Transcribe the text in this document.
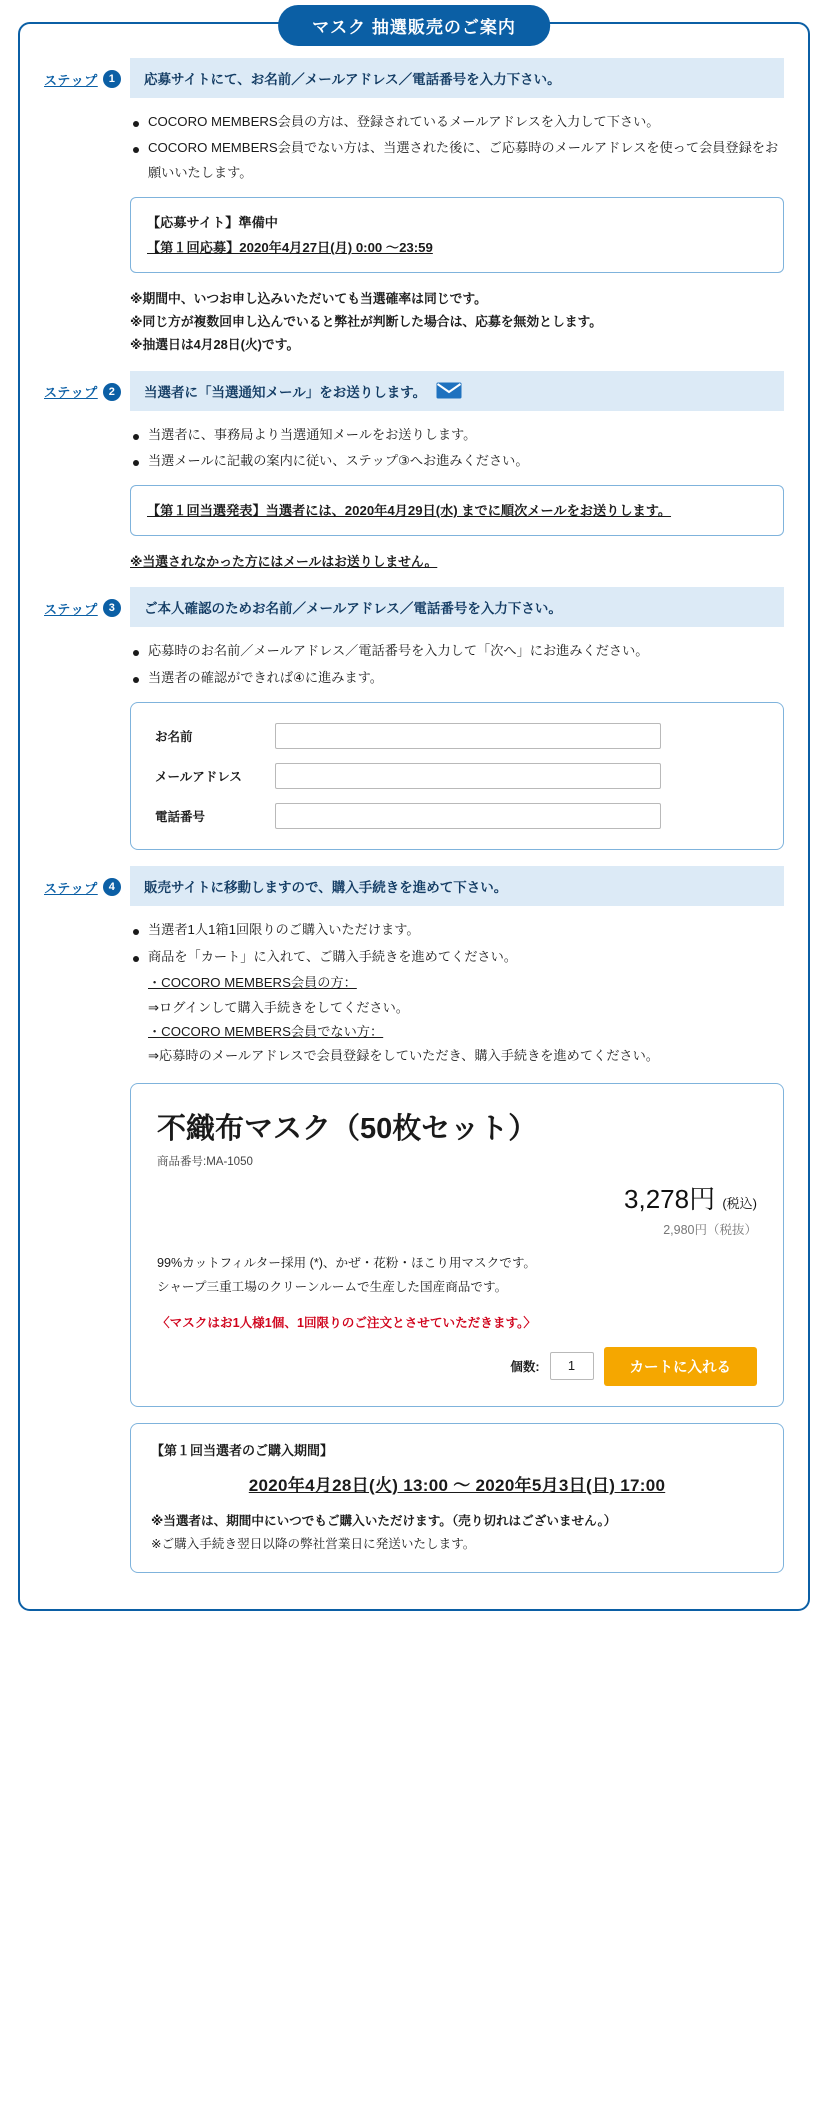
マスク 抽選販売のご案内
ステップ 1	応募サイトにて、お名前／メールアドレス／電話番号を入力下さい。
COCORO MEMBERS会員の方は、登録されているメールアドレスを入力して下さい。
COCORO MEMBERS会員でない方は、当選された後に、ご応募時のメールアドレスを使って会員登録をお願いいたします。
【応募サイト】準備中
【第１回応募】2020年4月27日(月) 0:00 ～23:59
※期間中、いつお申し込みいただいても当選確率は同じです。
※同じ方が複数回申し込んでいると弊社が判断した場合は、応募を無効とします。
※抽選日は4月28日(火)です。
ステップ 2	当選者に「当選通知メール」をお送りします。
当選者に、事務局より当選通知メールをお送りします。
当選メールに記載の案内に従い、ステップ③へお進みください。
【第１回当選発表】当選者には、2020年4月29日(水) までに順次メールをお送りします。
※当選されなかった方にはメールはお送りしません。
ステップ 3	ご本人確認のためお名前／メールアドレス／電話番号を入力下さい。
応募時のお名前／メールアドレス／電話番号を入力して「次へ」にお進みください。
当選者の確認ができれば④に進みます。
お名前
メールアドレス
電話番号
ステップ 4	販売サイトに移動しますので、購入手続きを進めて下さい。
当選者1人1箱1回限りのご購入いただけます。
商品を「カート」に入れて、ご購入手続きを進めてください。
・COCORO MEMBERS会員の方：
⇒ログインして購入手続きをしてください。
・COCORO MEMBERS会員でない方：
⇒応募時のメールアドレスで会員登録をしていただき、購入手続きを進めてください。
不織布マスク（50枚セット）
商品番号:MA-1050
3,278円 (税込)
2,980円（税抜）
99%カットフィルター採用 (*)、かぜ・花粉・ほこり用マスクです。
シャープ三重工場のクリーンルームで生産した国産商品です。
〈マスクはお1人様1個、1回限りのご注文とさせていただきます。〉
個数:	1	カートに入れる
【第１回当選者のご購入期間】
2020年4月28日(火) 13:00 ～ 2020年5月3日(日) 17:00
※当選者は、期間中にいつでもご購入いただけます。（売り切れはございません。）
※ご購入手続き翌日以降の弊社営業日に発送いたします。
